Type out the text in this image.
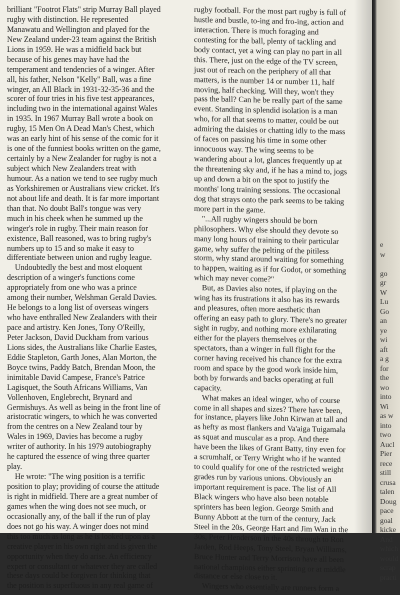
brilliant "Footrot Flats" strip Murray Ball played
rugby with distinction. He represented
Manawatu and Wellington and played for the
New Zealand under-23 team against the British
Lions in 1959. He was a midfield back but
because of his genes may have had the
temperament and tendencies of a winger. After
all, his father, Nelson "Kelly" Ball, was a fine
winger, an All Black in 1931-32-35-36 and the
scorer of four tries in his five test appearances,
including two in the international against Wales
in 1935. In 1967 Murray Ball wrote a book on
rugby, 15 Men On A Dead Man's Chest, which
was an early hint of his sense of the comic for it
is one of the funniest books written on the game,
certainly by a New Zealander for rugby is not a
subject which New Zealanders treat with
humour. As a nation we tend to see rugby much
as Yorkshiremen or Australians view cricket. It's
not about life and death. It is far more important
than that. No doubt Ball's tongue was very
much in his cheek when he summed up the
winger's role in rugby. Their main reason for
existence, Ball reasoned, was to bring rugby's
numbers up to 15 and so make it easy to
differentiate between union and rugby league.
 Undoubtedly the best and most eloquent
description of a winger's functions come
appropriately from one who was a prince
among their number, Welshman Gerald Davies.
He belongs to a long list of overseas wingers
who have enthralled New Zealanders with their
pace and artistry. Ken Jones, Tony O'Reilly,
Peter Jackson, David Duckham from various
Lions sides, the Australians like Charlie Eastes,
Eddie Stapleton, Garth Jones, Alan Morton, the
Boyce twins, Paddy Batch, Brendan Moon, the
inimitable David Campese, France's Patrice
Lagisquet, the South Africans Williams, Van
Vollenhoven, Englebrecht, Brynard and
Germishuys. As well as being in the front line of
aristocratic wingers, to which he was converted
from the centres on a New Zealand tour by
Wales in 1969, Davies has become a rugby
writer of authority. In his 1979 autobiography
he captured the essence of wing three quarter
play.
 He wrote: "The wing position is a terrific
position to play; providing of course the attitude
is right in midfield. There are a great number of
games when the wing does not see much, or
occasionally any, of the ball if the run of play
does not go his way. A winger does not mind
this too much as long as he is looked upon as a
creative player in his own right and is given the
opportunity when they do arise. An efficiency
expert or consultant or whatever they are called
these days could be forgiven for thinking that
the position is superfluous in any real game of
rugby football. For the most part rugby is full of
hustle and bustle, to-ing and fro-ing, action and
interaction. There is much foraging and
contesting for the ball, plenty of tackling and
body contact, yet a wing can play no part in all
this. There, just on the edge of the TV screen,
just out of reach on the periphery of all that
matters, is the number 14 or number 11, half
moving, half checking. Will they, won't they
pass the ball? Can he be really part of the same
event. Standing in splendid isolation is a man
who, for all that seems to matter, could be out
admiring the daisies or chatting idly to the mass
of faces on passing his time in some other
innocuous way. The wing seems to be
wandering about a lot, glances frequently up at
the threatening sky and, if he has a mind to, jogs
up and down a bit on the spot to justify the
months' long training sessions. The occasional
dog that strays onto the park seems to be taking
more part in the game.
 "...All rugby wingers should be born
philosophers. Why else should they devote so
many long hours of training to their particular
game, why suffer the pelting of the pitiless
storm, why stand around waiting for something
to happen, waiting as if for Godot, or something
which may never come?"
 But, as Davies also notes, if playing on the
wing has its frustrations it also has its rewards
and pleasures, often more aesthetic than
offering an easy path to glory. There's no greater
sight in rugby, and nothing more exhilarating
either for the players themselves or the
spectators, than a winger in full flight for the
corner having received his chance for the extra
room and space by the good work inside him,
both by forwards and backs operating at full
capacity.
 What makes an ideal winger, who of course
come in all shapes and sizes? There have been,
for instance, players like John Kirwan at tall and
as hefty as most flankers and Va'aiga Tuigamala
as squat and muscular as a prop. And there
have been the likes of Grant Batty, tiny even for
a scrumhalf, or Terry Wright who if he wanted
to could qualify for one of the restricted weight
grades run by various unions. Obviously an
important requirement is pace. The list of All
Black wingers who have also been notable
sprinters has been legion. George Smith and
Bunny Abbott at the turn of the century, Jack
Steel in the 20s, George Hart and Jim Wan in the
30s, Peter Henderson in the 40s through to Ron
Jarden, Rod Heeps, Tony Steel, Bryan Williams,
Bruce Hunter and Terry Morrison have all been
national champions either sprinting or at middle
distance or else close to it.
 Wingers who essentially are runners form a
e
w
go
gr
W
Lu
Go
an
ye
wi
aft
a g
for
the
wo
into
Wi
as w
into
two
Aucl
Pier
rece
still
crusa
talen
Doug
pace
goal
kicke
And
which
would
scrap
practi
